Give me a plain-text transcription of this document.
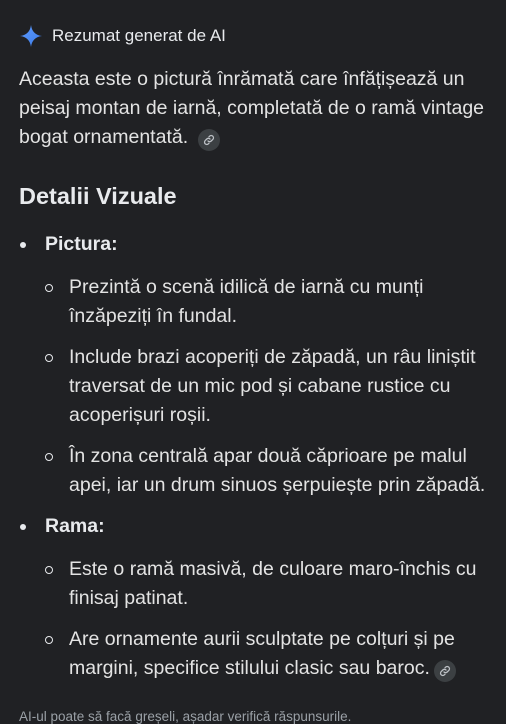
Rezumat generat de AI
Aceasta este o pictură înrămată care înfățișează un peisaj montan de iarnă, completată de o ramă vintage bogat ornamentată.
Detalii Vizuale
Pictura:
Prezintă o scenă idilică de iarnă cu munți înzăpeziți în fundal.
Include brazi acoperiți de zăpadă, un râu liniștit traversat de un mic pod și cabane rustice cu acoperișuri roșii.
În zona centrală apar două căprioare pe malul apei, iar un drum sinuos șerpuiește prin zăpadă.
Rama:
Este o ramă masivă, de culoare maro-închis cu finisaj patinat.
Are ornamente aurii sculptate pe colțuri și pe margini, specifice stilului clasic sau baroc.
AI-ul poate să facă greșeli, așadar verifică răspunsurile.
